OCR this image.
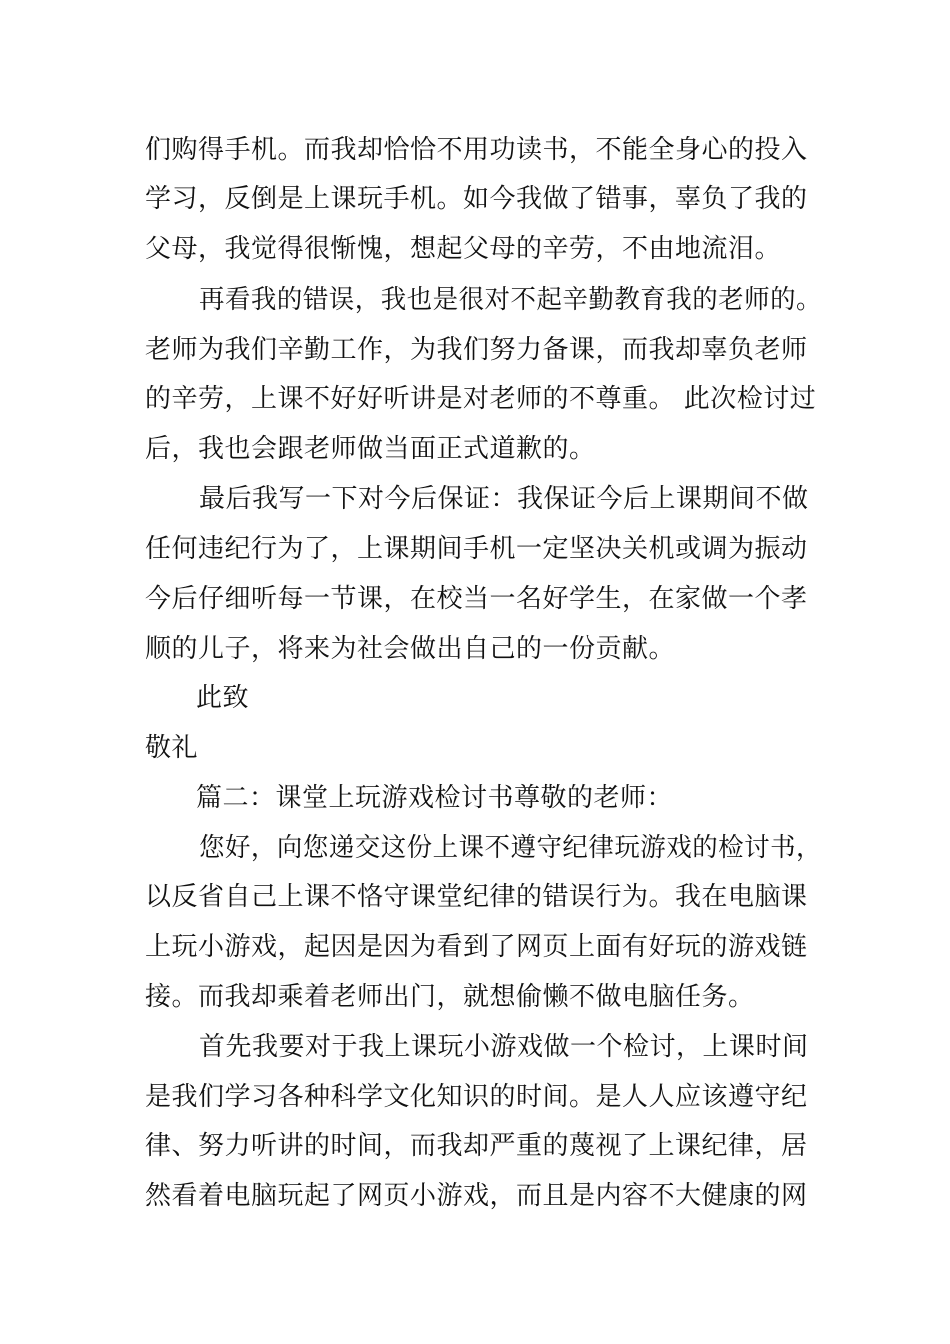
们购得手机。而我却恰恰不用功读书，不能全身心的投入
学习，反倒是上课玩手机。如今我做了错事，辜负了我的
父母，我觉得很惭愧，想起父母的辛劳，不由地流泪。
再看我的错误，我也是很对不起辛勤教育我的老师的。
老师为我们辛勤工作，为我们努力备课，而我却辜负老师
的辛劳，上课不好好听讲是对老师的不尊重。 此次检讨过
后，我也会跟老师做当面正式道歉的。
最后我写一下对今后保证：我保证今后上课期间不做
任何违纪行为了，上课期间手机一定坚决关机或调为振动
今后仔细听每一节课，在校当一名好学生，在家做一个孝
顺的儿子，将来为社会做出自己的一份贡献。
此致
敬礼
篇二：课堂上玩游戏检讨书尊敬的老师：
您好，向您递交这份上课不遵守纪律玩游戏的检讨书，
以反省自己上课不恪守课堂纪律的错误行为。我在电脑课
上玩小游戏，起因是因为看到了网页上面有好玩的游戏链
接。而我却乘着老师出门，就想偷懒不做电脑任务。
首先我要对于我上课玩小游戏做一个检讨，上课时间
是我们学习各种科学文化知识的时间。是人人应该遵守纪
律、努力听讲的时间，而我却严重的蔑视了上课纪律，居
然看着电脑玩起了网页小游戏，而且是内容不大健康的网
